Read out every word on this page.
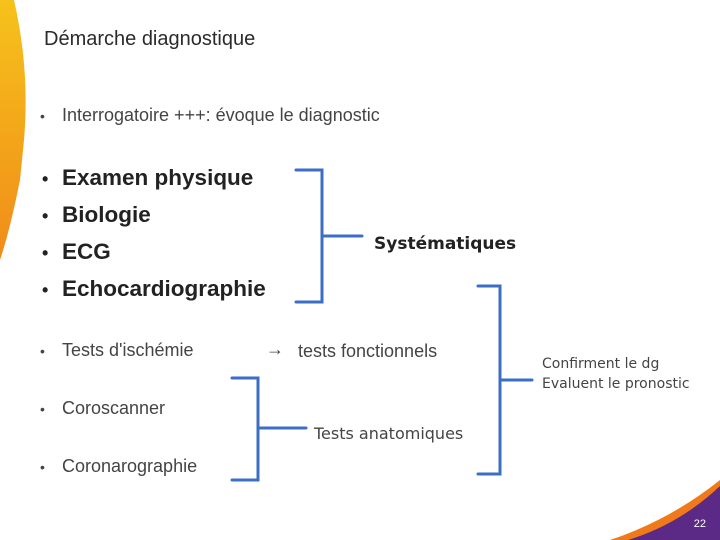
Démarche diagnostique
• Interrogatoire +++: évoque le diagnostic
• Examen physique
• Biologie
• ECG
• Echocardiographie
Systématiques
• Tests d'ischémie	→ tests fonctionnels
• Coroscanner
Tests anatomiques
• Coronarographie
Confirment le dg
Evaluent le pronostic
22
